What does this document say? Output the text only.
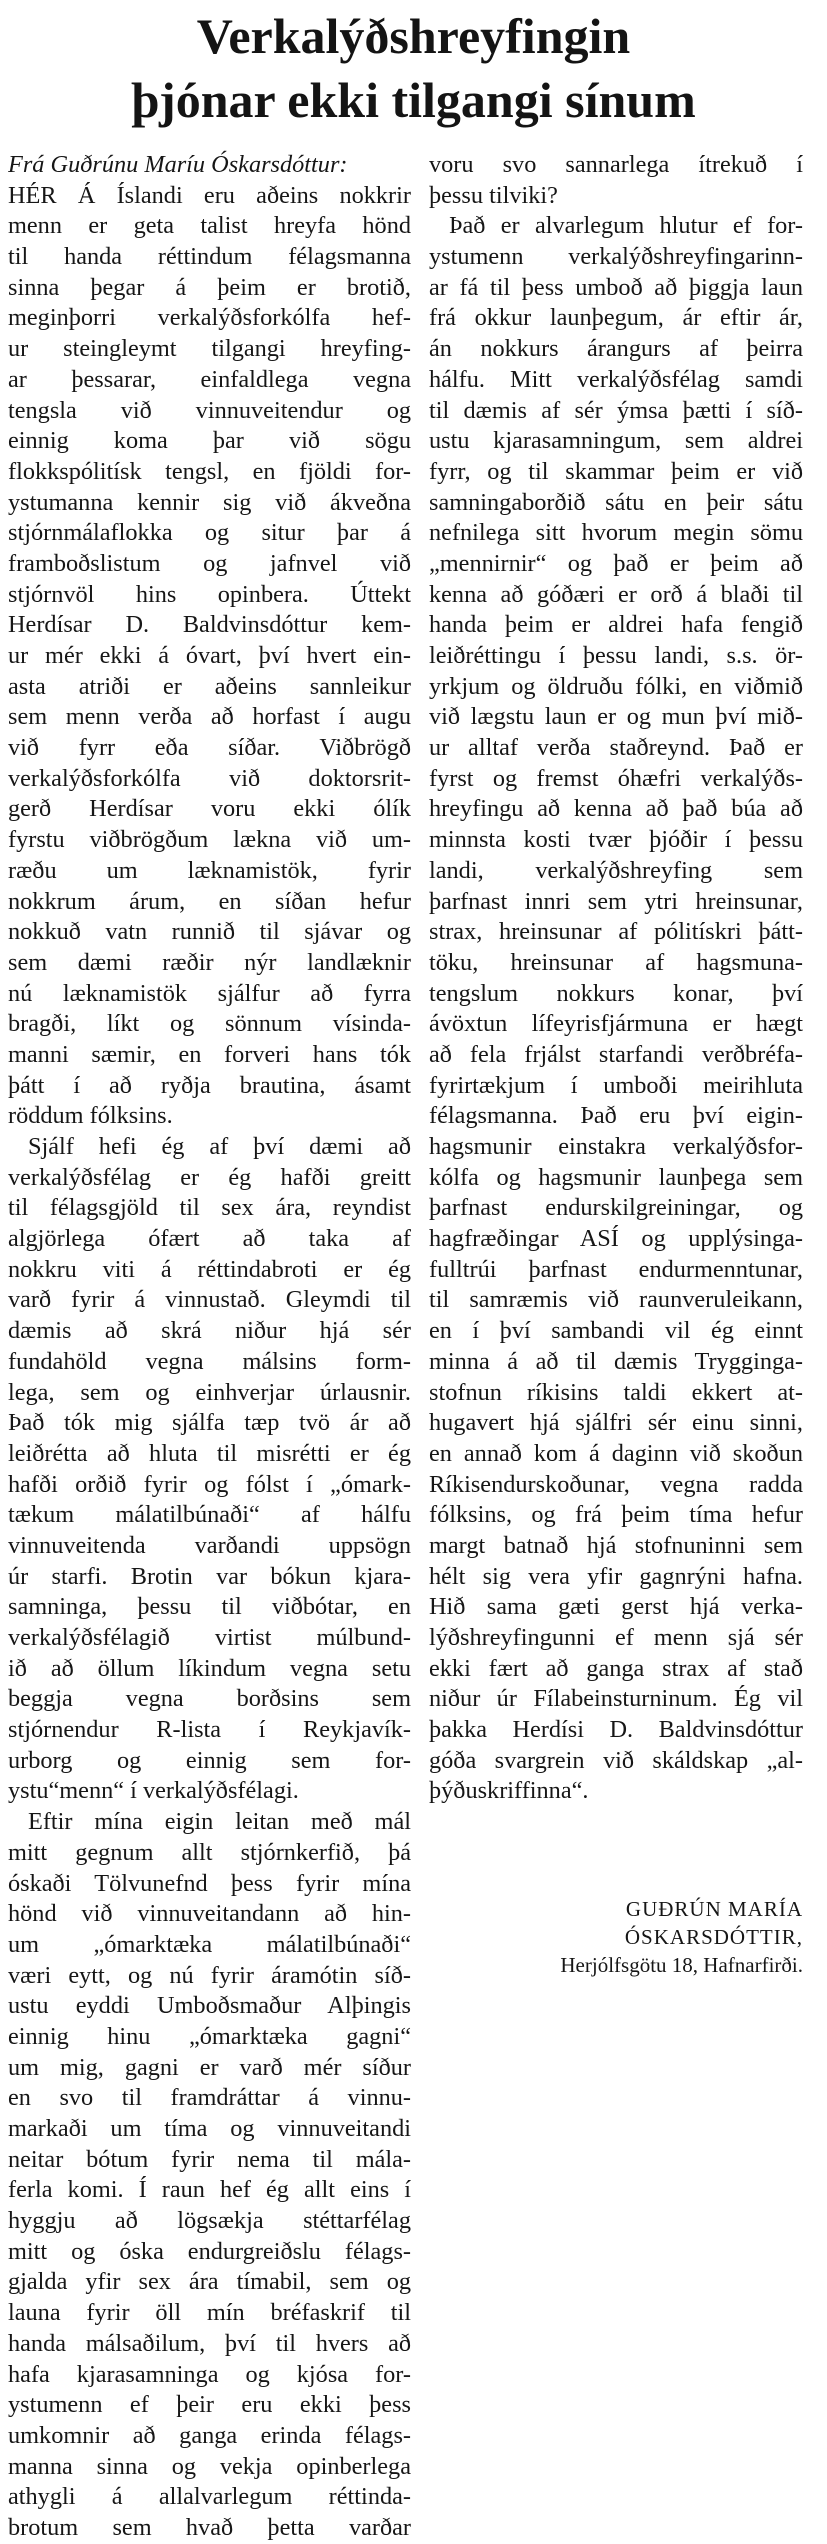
Verkalýðshreyfingin
þjónar ekki tilgangi sínum
Frá Guðrúnu Maríu Óskarsdóttur:
HÉR Á Íslandi eru aðeins nokkrir
menn er geta talist hreyfa hönd
til handa réttindum félagsmanna
sinna þegar á þeim er brotið,
meginþorri verkalýðsforkólfa hef-
ur steingleymt tilgangi hreyfing-
ar þessarar, einfaldlega vegna
tengsla við vinnuveitendur og
einnig koma þar við sögu
flokkspólitísk tengsl, en fjöldi for-
ystumanna kennir sig við ákveðna
stjórnmálaflokka og situr þar á
framboðslistum og jafnvel við
stjórnvöl hins opinbera. Úttekt
Herdísar D. Baldvinsdóttur kem-
ur mér ekki á óvart, því hvert ein-
asta atriði er aðeins sannleikur
sem menn verða að horfast í augu
við fyrr eða síðar. Viðbrögð
verkalýðsforkólfa við doktorsrit-
gerð Herdísar voru ekki ólík
fyrstu viðbrögðum lækna við um-
ræðu um læknamistök, fyrir
nokkrum árum, en síðan hefur
nokkuð vatn runnið til sjávar og
sem dæmi ræðir nýr landlæknir
nú læknamistök sjálfur að fyrra
bragði, líkt og sönnum vísinda-
manni sæmir, en forveri hans tók
þátt í að ryðja brautina, ásamt
röddum fólksins.
Sjálf hefi ég af því dæmi að
verkalýðsfélag er ég hafði greitt
til félagsgjöld til sex ára, reyndist
algjörlega ófært að taka af
nokkru viti á réttindabroti er ég
varð fyrir á vinnustað. Gleymdi til
dæmis að skrá niður hjá sér
fundahöld vegna málsins form-
lega, sem og einhverjar úrlausnir.
Það tók mig sjálfa tæp tvö ár að
leiðrétta að hluta til misrétti er ég
hafði orðið fyrir og fólst í „ómark-
tækum málatilbúnaði“ af hálfu
vinnuveitenda varðandi uppsögn
úr starfi. Brotin var bókun kjara-
samninga, þessu til viðbótar, en
verkalýðsfélagið virtist múlbund-
ið að öllum líkindum vegna setu
beggja vegna borðsins sem
stjórnendur R-lista í Reykjavík-
urborg og einnig sem for-
ystu“menn“ í verkalýðsfélagi.
Eftir mína eigin leitan með mál
mitt gegnum allt stjórnkerfið, þá
óskaði Tölvunefnd þess fyrir mína
hönd við vinnuveitandann að hin-
um „ómarktæka málatilbúnaði“
væri eytt, og nú fyrir áramótin síð-
ustu eyddi Umboðsmaður Alþingis
einnig hinu „ómarktæka gagni“
um mig, gagni er varð mér síður
en svo til framdráttar á vinnu-
markaði um tíma og vinnuveitandi
neitar bótum fyrir nema til mála-
ferla komi. Í raun hef ég allt eins í
hyggju að lögsækja stéttarfélag
mitt og óska endurgreiðslu félags-
gjalda yfir sex ára tímabil, sem og
launa fyrir öll mín bréfaskrif til
handa málsaðilum, því til hvers að
hafa kjarasamninga og kjósa for-
ystumenn ef þeir eru ekki þess
umkomnir að ganga erinda félags-
manna sinna og vekja opinberlega
athygli á allalvarlegum réttinda-
brotum sem hvað þetta varðar
voru svo sannarlega ítrekuð í
þessu tilviki?
Það er alvarlegum hlutur ef for-
ystumenn verkalýðshreyfingarinn-
ar fá til þess umboð að þiggja laun
frá okkur launþegum, ár eftir ár,
án nokkurs árangurs af þeirra
hálfu. Mitt verkalýðsfélag samdi
til dæmis af sér ýmsa þætti í síð-
ustu kjarasamningum, sem aldrei
fyrr, og til skammar þeim er við
samningaborðið sátu en þeir sátu
nefnilega sitt hvorum megin sömu
„mennirnir“ og það er þeim að
kenna að góðæri er orð á blaði til
handa þeim er aldrei hafa fengið
leiðréttingu í þessu landi, s.s. ör-
yrkjum og öldruðu fólki, en viðmið
við lægstu laun er og mun því mið-
ur alltaf verða staðreynd. Það er
fyrst og fremst óhæfri verkalýðs-
hreyfingu að kenna að það búa að
minnsta kosti tvær þjóðir í þessu
landi, verkalýðshreyfing sem
þarfnast innri sem ytri hreinsunar,
strax, hreinsunar af pólitískri þátt-
töku, hreinsunar af hagsmuna-
tengslum nokkurs konar, því
ávöxtun lífeyrisfjármuna er hægt
að fela frjálst starfandi verðbréfa-
fyrirtækjum í umboði meirihluta
félagsmanna. Það eru því eigin-
hagsmunir einstakra verkalýðsfor-
kólfa og hagsmunir launþega sem
þarfnast endurskilgreiningar, og
hagfræðingar ASÍ og upplýsinga-
fulltrúi þarfnast endurmenntunar,
til samræmis við raunveruleikann,
en í því sambandi vil ég einnt
minna á að til dæmis Trygginga-
stofnun ríkisins taldi ekkert at-
hugavert hjá sjálfri sér einu sinni,
en annað kom á daginn við skoðun
Ríkisendurskoðunar, vegna radda
fólksins, og frá þeim tíma hefur
margt batnað hjá stofnuninni sem
hélt sig vera yfir gagnrýni hafna.
Hið sama gæti gerst hjá verka-
lýðshreyfingunni ef menn sjá sér
ekki fært að ganga strax af stað
niður úr Fílabeinsturninum. Ég vil
þakka Herdísi D. Baldvinsdóttur
góða svargrein við skáldskap „al-
þýðuskriffinna“.
GUÐRÚN MARÍA
ÓSKARSDÓTTIR,
Herjólfsgötu 18, Hafnarfirði.
